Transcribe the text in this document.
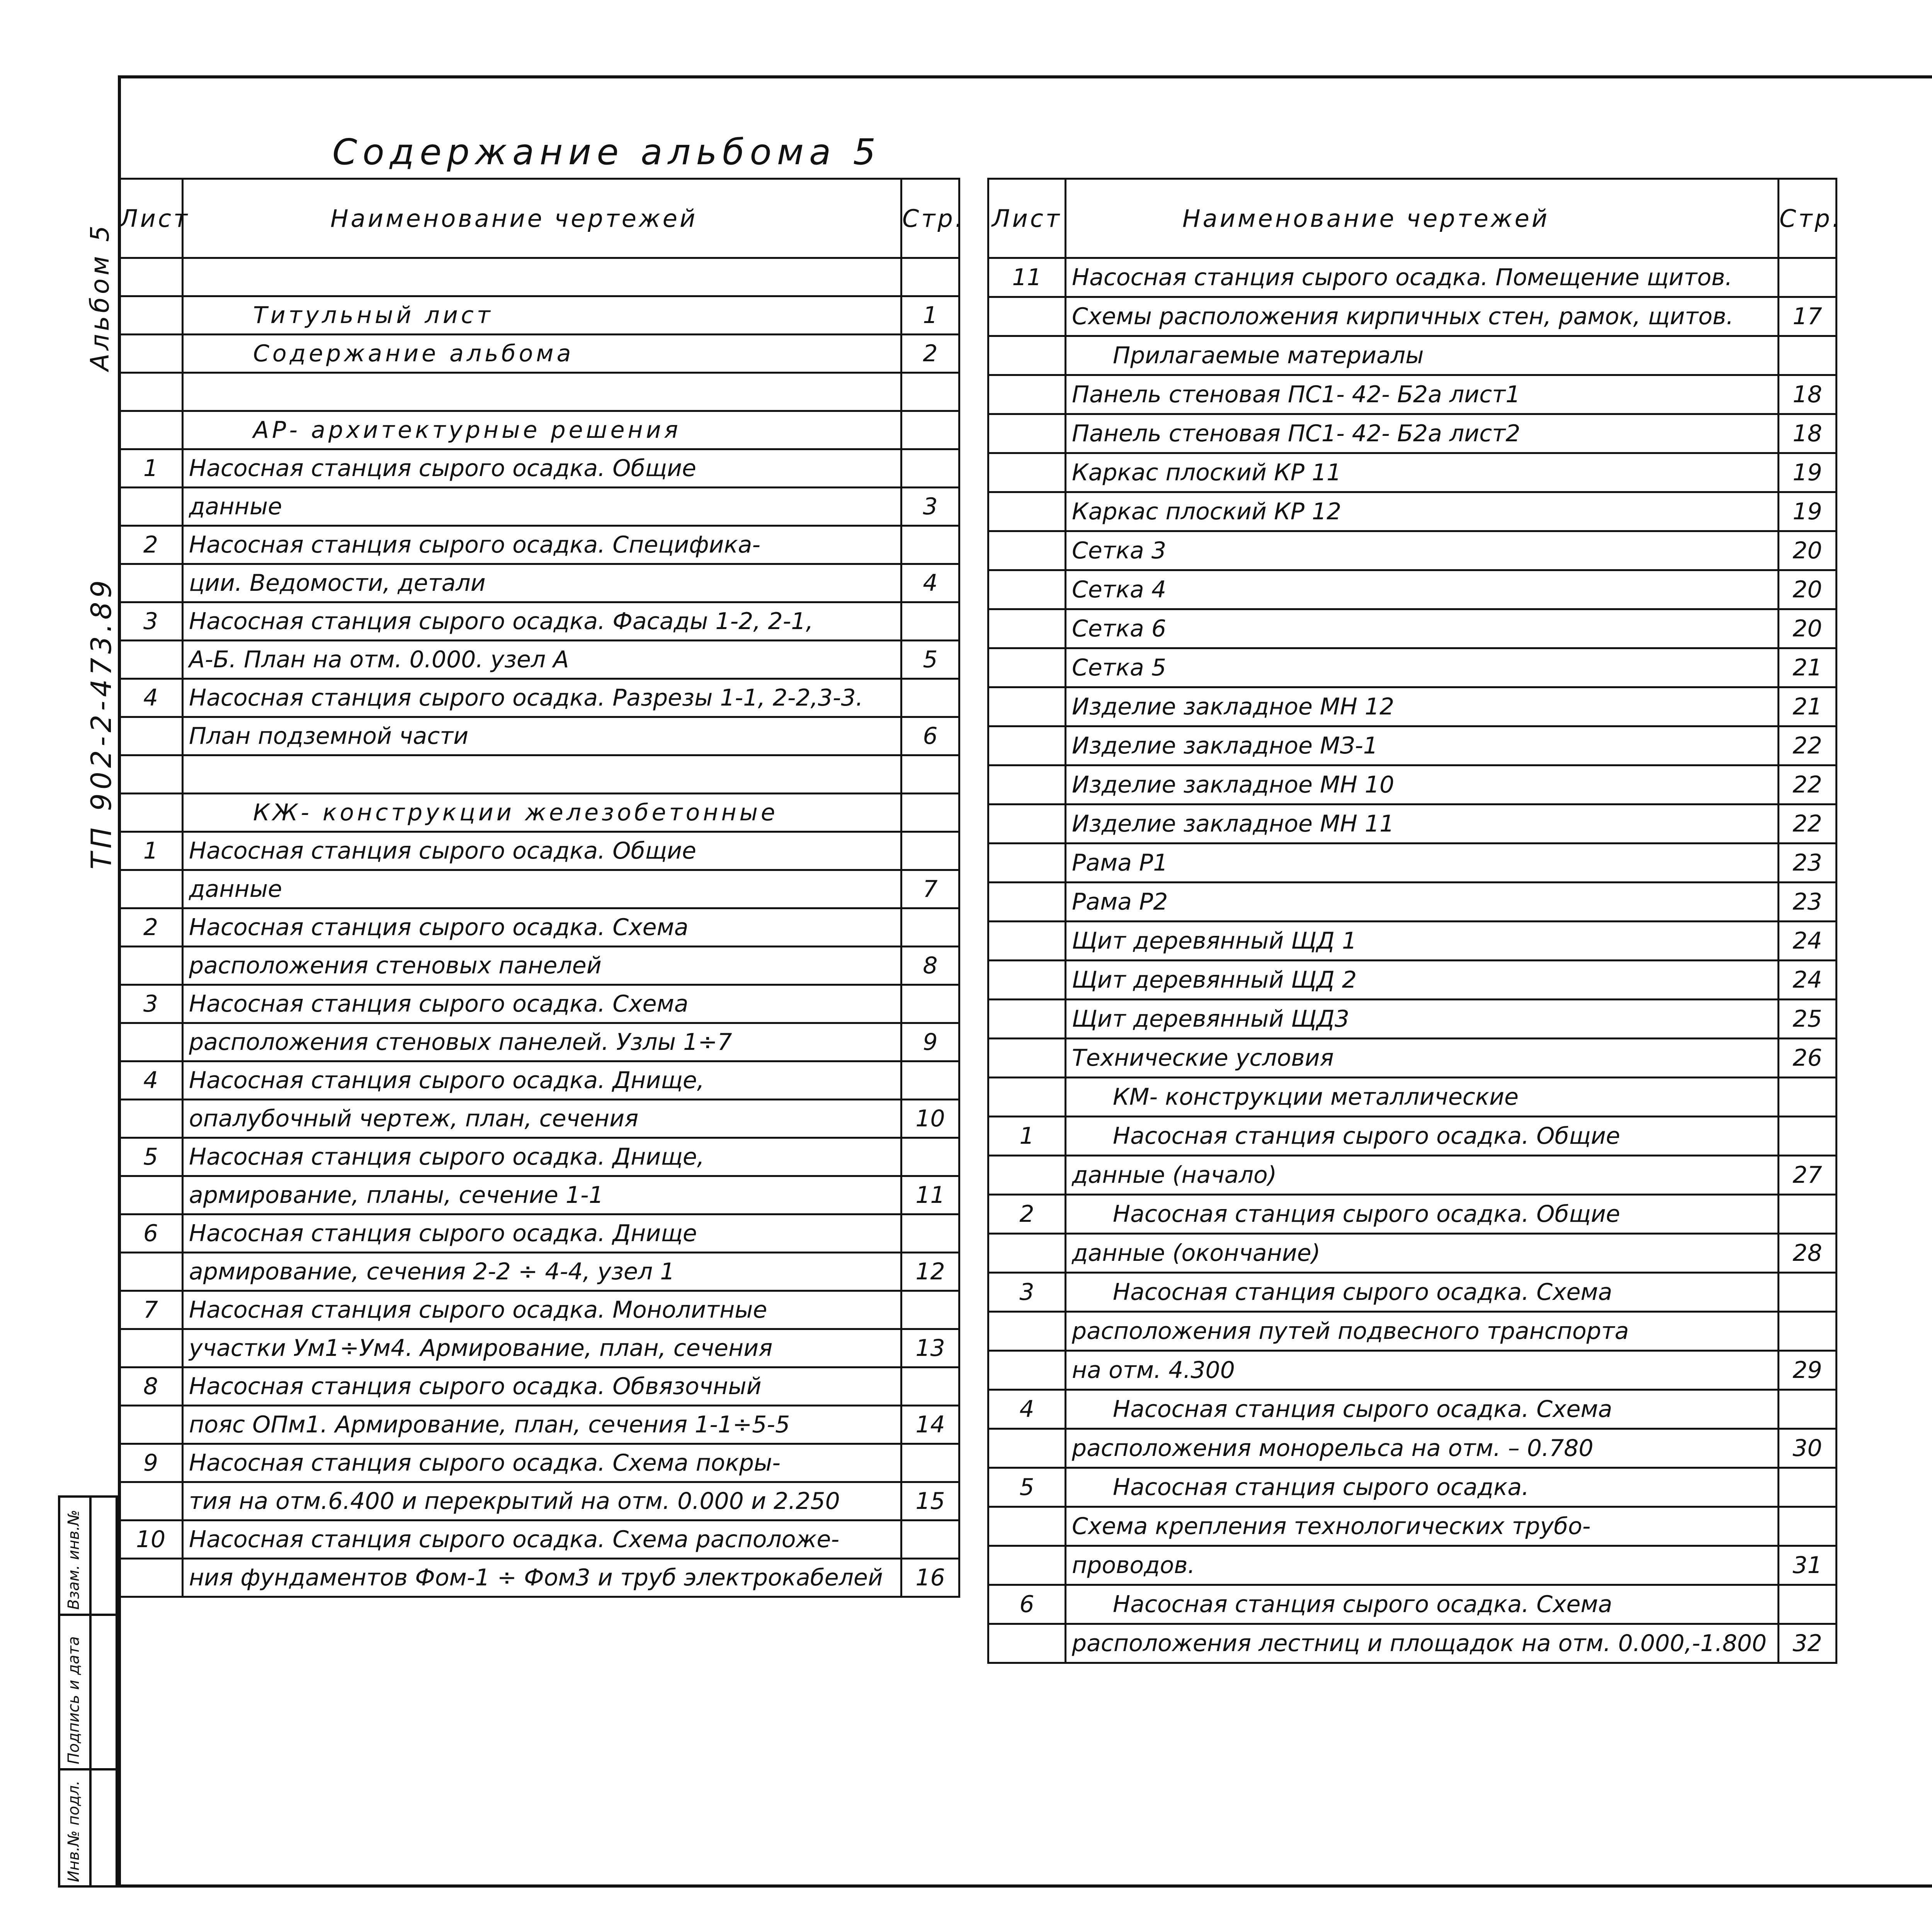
Альбом 5
ТП 902-2-473.89
Инв.№ подл.
Подпись и дата
Взам. инв.№
Содержание альбома 5
Лист	Наименование чертежей	Стр.

	Титульный лист	1
	Содержание альбома	2

	АР- архитектурные решения	
1	Насосная станция сырого осадка. Общие	
	данные	3
2	Насосная станция сырого осадка. Специфика-	
	ции. Ведомости, детали	4
3	Насосная станция сырого осадка. Фасады 1-2, 2-1,	
	А-Б. План на отм. 0.000. узел А	5
4	Насосная станция сырого осадка. Разрезы 1-1, 2-2,3-3.	
	План подземной части	6

	КЖ- конструкции железобетонные	
1	Насосная станция сырого осадка. Общие	
	данные	7
2	Насосная станция сырого осадка. Схема	
	расположения стеновых панелей	8
3	Насосная станция сырого осадка. Схема	
	расположения стеновых панелей. Узлы 1÷7	9
4	Насосная станция сырого осадка. Днище,	
	опалубочный чертеж, план, сечения	10
5	Насосная станция сырого осадка. Днище,	
	армирование, планы, сечение 1-1	11
6	Насосная станция сырого осадка. Днище	
	армирование, сечения 2-2 ÷ 4-4, узел 1	12
7	Насосная станция сырого осадка. Монолитные	
	участки Ум1÷Ум4. Армирование, план, сечения	13
8	Насосная станция сырого осадка. Обвязочный	
	пояс ОПм1. Армирование, план, сечения 1-1÷5-5	14
9	Насосная станция сырого осадка. Схема покры-	
	тия на отм.6.400 и перекрытий на отм. 0.000 и 2.250	15
10	Насосная станция сырого осадка. Схема расположе-	
	ния фундаментов Фом-1 ÷ Фом3 и труб электрокабелей	16
Лист	Наименование чертежей	Стр.
11	Насосная станция сырого осадка. Помещение щитов.	
	Схемы расположения кирпичных стен, рамок, щитов.	17
	Прилагаемые материалы	
	Панель стеновая ПС1- 42- Б2а лист1	18
	Панель стеновая ПС1- 42- Б2а лист2	18
	Каркас плоский КР 11	19
	Каркас плоский КР 12	19
	Сетка 3	20
	Сетка 4	20
	Сетка 6	20
	Сетка 5	21
	Изделие закладное МН 12	21
	Изделие закладное МЗ-1	22
	Изделие закладное МН 10	22
	Изделие закладное МН 11	22
	Рама Р1	23
	Рама Р2	23
	Щит деревянный ЩД 1	24
	Щит деревянный ЩД 2	24
	Щит деревянный ЩД3	25
	Технические условия	26
	КМ- конструкции металлические	
1	Насосная станция сырого осадка. Общие	
	данные (начало)	27
2	Насосная станция сырого осадка. Общие	
	данные (окончание)	28
3	Насосная станция сырого осадка. Схема	
	расположения путей подвесного транспорта	
	на отм. 4.300	29
4	Насосная станция сырого осадка. Схема	
	расположения монорельса на отм. – 0.780	30
5	Насосная станция сырого осадка.	
	Схема крепления технологических трубо-	
	проводов.	31
6	Насосная станция сырого осадка. Схема	
	расположения лестниц и площадок на отм. 0.000,-1.800	32
